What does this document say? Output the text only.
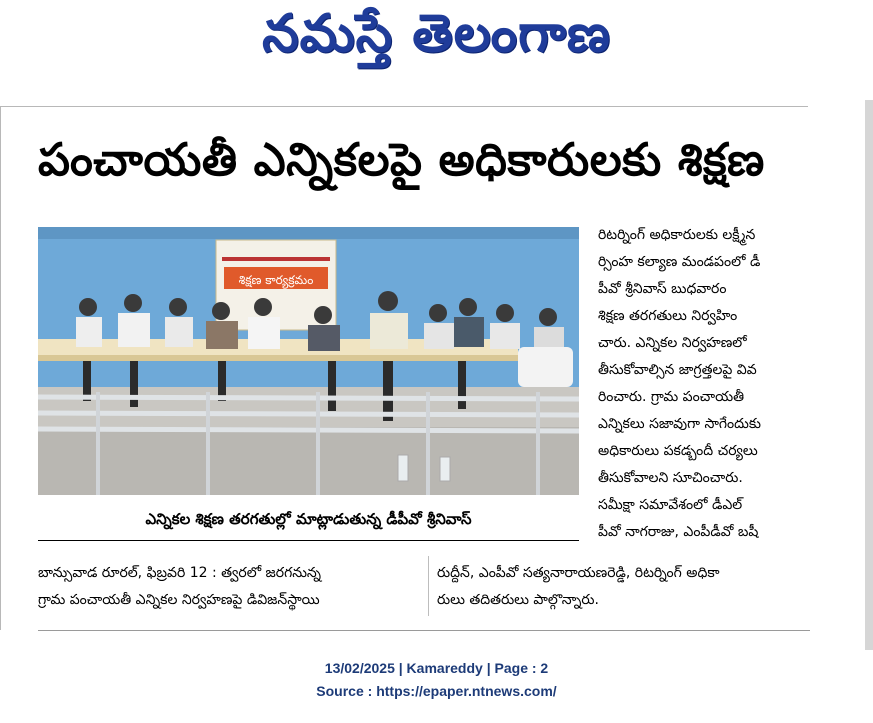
నమస్తే తెలంగాణ
పంచాయతీ ఎన్నికలపై అధికారులకు శిక్షణ
శిక్షణ కార్యక్రమం
ఎన్నికల శిక్షణ తరగతుల్లో మాట్లాడుతున్న డీపీవో శ్రీనివాస్
రిటర్నింగ్ అధికారులకు లక్ష్మీన
ర్సింహ కల్యాణ మండపంలో డీ
పీవో శ్రీనివాస్ బుధవారం
శిక్షణ తరగతులు నిర్వహిం
చారు. ఎన్నికల నిర్వహణలో
తీసుకోవాల్సిన జాగ్రత్తలపై వివ
రించారు. గ్రామ పంచాయతీ
ఎన్నికలు సజావుగా సాగేందుకు
అధికారులు పకడ్బందీ చర్యలు
తీసుకోవాలని సూచించారు.
సమీక్షా సమావేశంలో డీఎల్
పీవో నాగరాజు, ఎంపీడీవో బషీ
బాన్సువాడ రూరల్, ఫిబ్రవరి 12 : త్వరలో జరగనున్న
గ్రామ పంచాయతీ ఎన్నికల నిర్వహణపై డివిజన్‌స్థాయి
రుద్దీన్, ఎంపీవో సత్యనారాయణరెడ్డి, రిటర్నింగ్ అధికా
రులు తదితరులు పాల్గొన్నారు.
13/02/2025 | Kamareddy | Page : 2
Source : https://epaper.ntnews.com/
